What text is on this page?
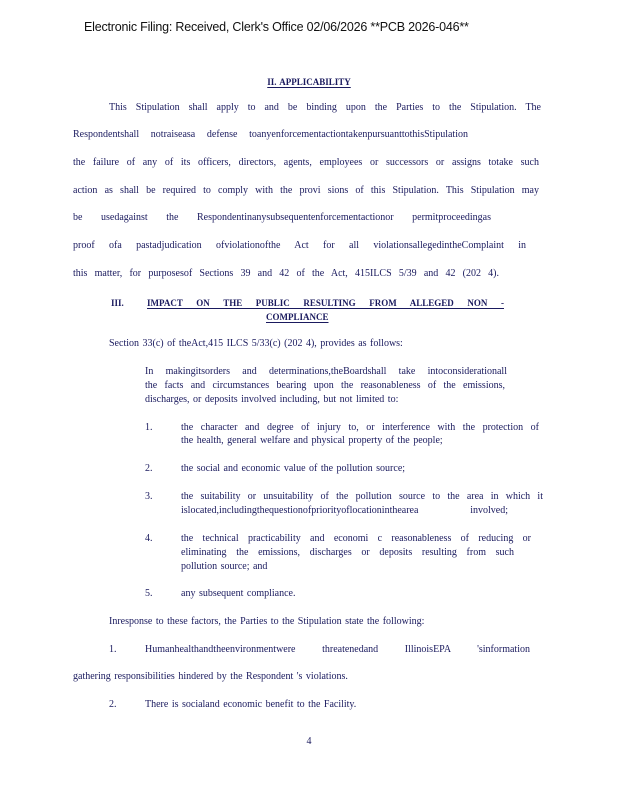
Electronic Filing: Received, Clerk's Office 02/06/2026 **PCB 2026-046**
II. APPLICABILITY
This Stipulation shall apply to and be binding upon the Parties to the Stipulation. The
Respondentshall notraiseasa defense toanyenforcementactiontakenpursuanttothisStipulation
the failure of any of its officers, directors, agents, employees or successors or assigns totake such
action as shall be required to comply with the provi sions of this Stipulation. This Stipulation may
be usedagainst the Respondentinanysubsequentenforcementactionor permitproceedingas
proof ofa pastadjudication ofviolationofthe Act for all violationsallegedintheComplaint in
this matter, for purposesof Sections 39 and 42 of the Act, 415ILCS 5/39 and 42 (202 4).
III.	IMPACT ON THE PUBLIC RESULTING FROM ALLEGED NON -
COMPLIANCE
Section 33(c) of theAct,415 ILCS 5/33(c) (202 4), provides as follows:
In makingitsorders and determinations,theBoardshall take intoconsiderationall
the facts and circumstances bearing upon the reasonableness of the emissions,
discharges, or deposits involved including, but not limited to:
1.	the character and degree of injury to, or interference with the protection of
the health, general welfare and physical property of the people;
2.	the social and economic value of the pollution source;
3.	the suitability or unsuitability of the pollution source to the area in which it
islocated,includingthequestionofpriorityoflocationinthearea involved;
4.	the technical practicability and economi c reasonableness of reducing or
eliminating the emissions, discharges or deposits resulting from such
pollution source; and
5.	any subsequent compliance.
Inresponse to these factors, the Parties to the Stipulation state the following:
1.	Humanhealthandtheenvironmentwere threatenedand IllinoisEPA 'sinformation
gathering responsibilities hindered by the Respondent 's violations.
2.	There is socialand economic benefit to the Facility.
4
